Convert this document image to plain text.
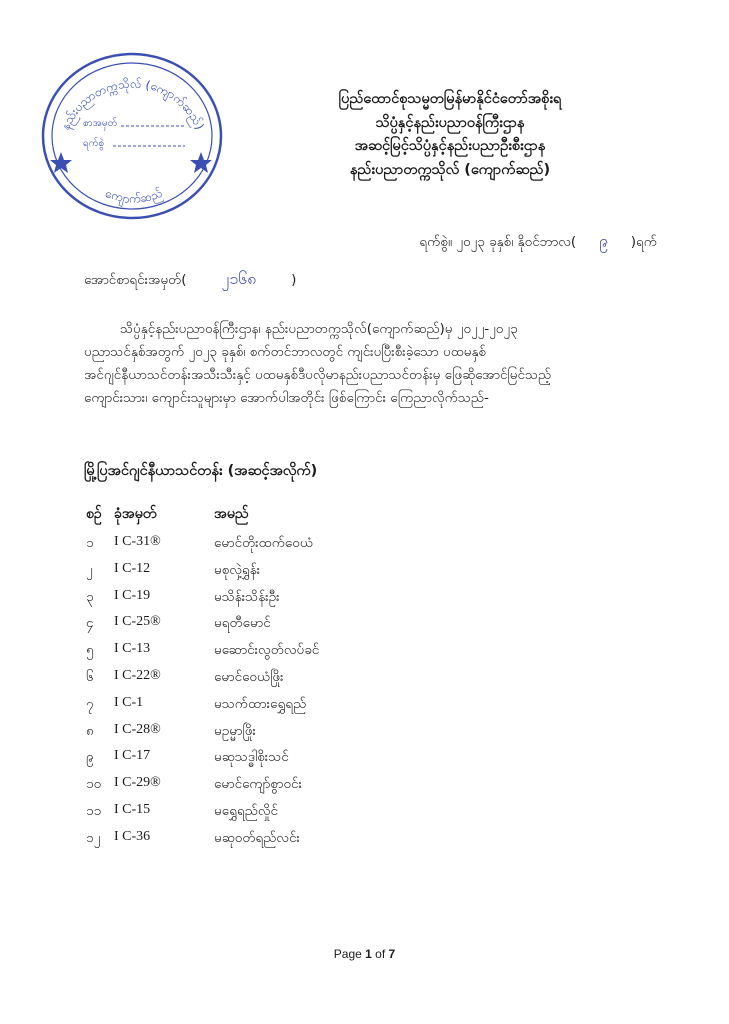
နည်းပညာတက္ကသိုလ် (ကျောက်ဆည်)
ကျောက်ဆည်
စာအမှတ်
ရက်စွဲ
ပြည်ထောင်စုသမ္မတမြန်မာနိုင်ငံတော်အစိုးရ
သိပ္ပံနှင့်နည်းပညာဝန်ကြီးဌာန
အဆင့်မြင့်သိပ္ပံနှင့်နည်းပညာဦးစီးဌာန
နည်းပညာတက္ကသိုလ် (ကျောက်ဆည်)
ရက်စွဲ။ ၂၀၂၃ ခုနှစ်၊ နိုဝင်ဘာလ( ၉ )ရက်
အောင်စာရင်းအမှတ်( ၂၁၆၈	)
သိပ္ပံနှင့်နည်းပညာဝန်ကြီးဌာန၊ နည်းပညာတက္ကသိုလ်(ကျောက်ဆည်)မှ ၂၀၂၂-၂၀၂၃
ပညာသင်နှစ်အတွက် ၂၀၂၃ ခုနှစ်၊ စက်တင်ဘာလတွင် ကျင်းပပြီးစီးခဲ့သော ပထမနှစ်
အင်ဂျင်နီယာသင်တန်းအသီးသီးနှင့် ပထမနှစ်ဒီပလိုမာနည်းပညာသင်တန်းမှ ဖြေဆိုအောင်မြင်သည့်
ကျောင်းသား၊ ကျောင်းသူများမှာ အောက်ပါအတိုင်း ဖြစ်ကြောင်း ကြေညာလိုက်သည်-
မြို့ပြအင်ဂျင်နီယာသင်တန်း (အဆင့်အလိုက်)
စဉ် ခုံအမှတ်	အမည်
၁ I C-31®	မောင်တိုးထက်ဝေယံ
၂ I C-12	မစုလှဲ့ရွှန်း
၃ I C-19	မသိန်းသိန်းဦး
၄ I C-25®	မရတီမောင်
၅ I C-13	မဆောင်းလွတ်လပ်ခင်
၆ I C-22®	မောင်ဝေယံဖြိုး
၇ I C-1	မသက်ထားရွှေရည်
၈ I C-28®	မဥမ္မာဖြိုး
၉ I C-17	မဆုသဒ္ဓါစိုးသင်
၁၀ I C-29®	မောင်ကျော်စွာဝင်း
၁၁ I C-15	မရွှေရည်လှိုင်
၁၂ I C-36	မဆုဝတ်ရည်လင်း
Page 1 of 7
